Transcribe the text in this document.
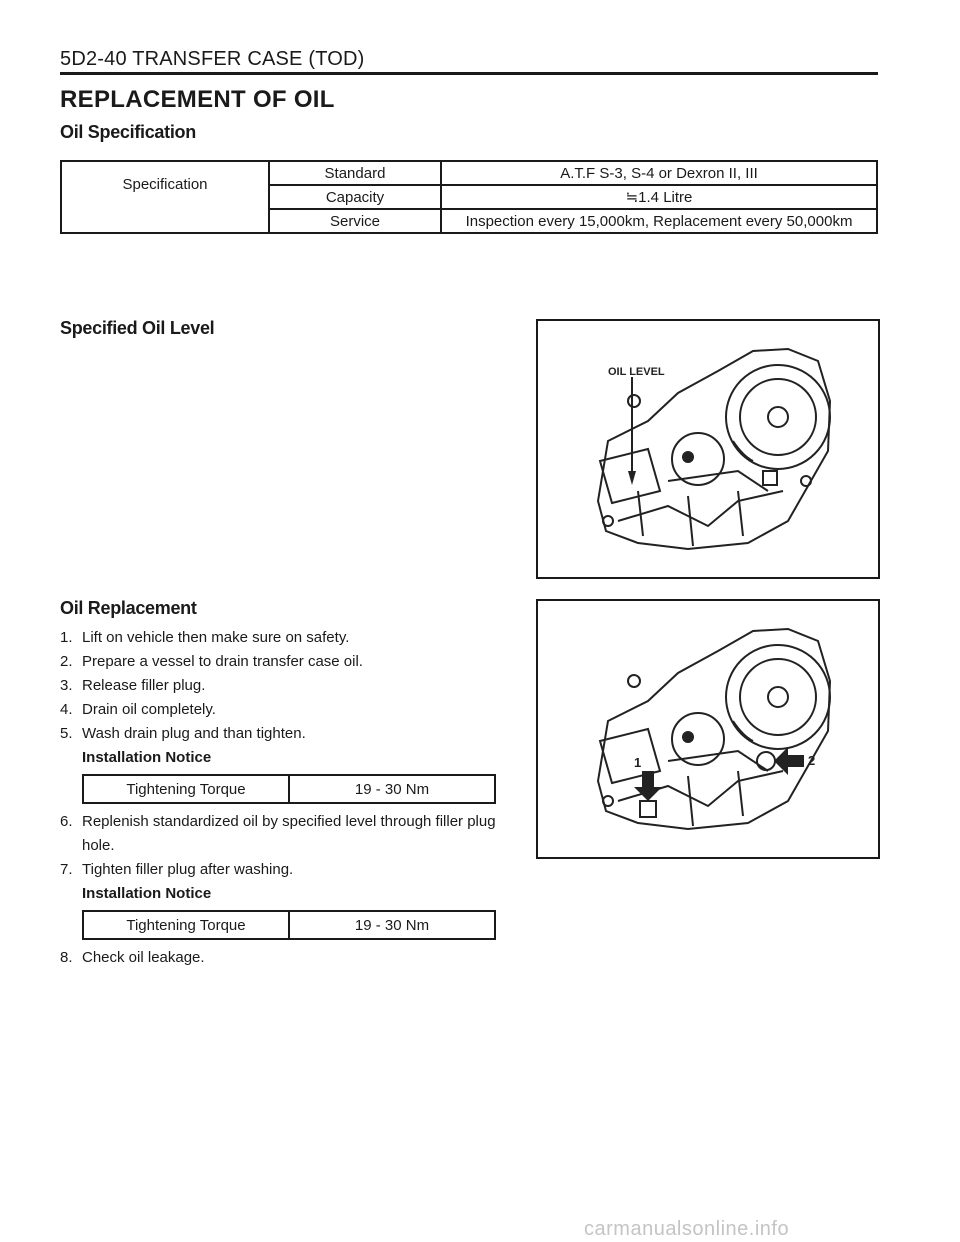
5D2-40 TRANSFER CASE (TOD)
REPLACEMENT OF OIL
Oil Specification
Specification	Standard	A.T.F S-3, S-4 or Dexron II, III
	Capacity	≒1.4 Litre
	Service	Inspection every 15,000km, Replacement every 50,000km
Specified Oil Level
OIL LEVEL
Oil Replacement
1. Lift on vehicle then make sure on safety.
2. Prepare a vessel to drain transfer case oil.
3. Release filler plug.
4. Drain oil completely.
5. Wash drain plug and than tighten.
Installation Notice
Tightening Torque	19 - 30 Nm
6. Replenish standardized oil by specified level through filler plug hole.
7. Tighten filler plug after washing.
Installation Notice
Tightening Torque	19 - 30 Nm
8. Check oil leakage.
1	2
carmanualsonline.info
